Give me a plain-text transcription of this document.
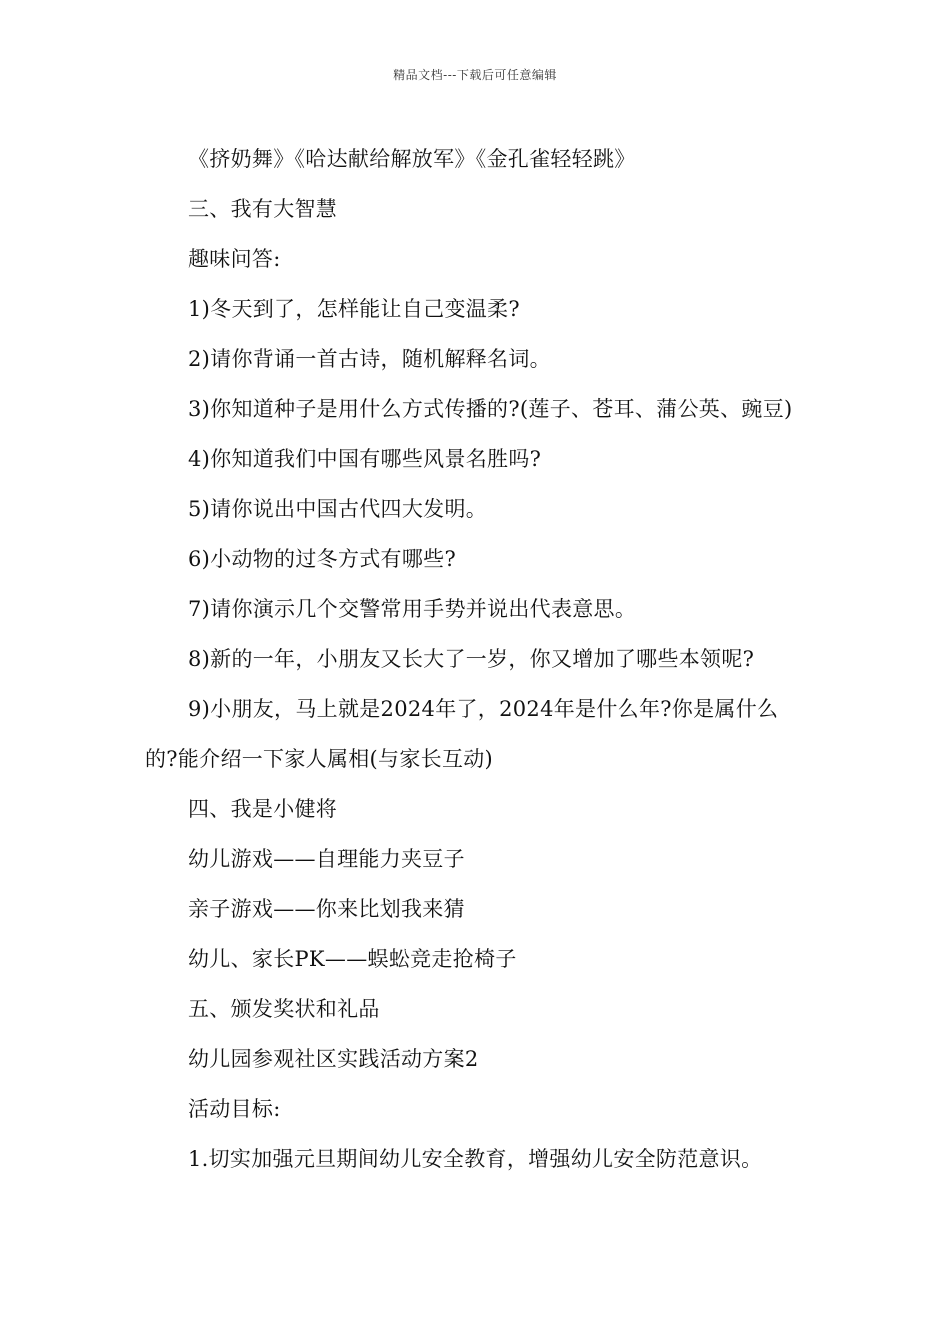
精品文档---下载后可任意编辑

《挤奶舞》《哈达献给解放军》《金孔雀轻轻跳》

三、我有大智慧

趣味问答:

1)冬天到了，怎样能让自己变温柔?

2)请你背诵一首古诗，随机解释名词。

3)你知道种子是用什么方式传播的?(莲子、苍耳、蒲公英、豌豆)

4)你知道我们中国有哪些风景名胜吗?

5)请你说出中国古代四大发明。

6)小动物的过冬方式有哪些?

7)请你演示几个交警常用手势并说出代表意思。

8)新的一年，小朋友又长大了一岁，你又增加了哪些本领呢?

9)小朋友，马上就是2024年了，2024年是什么年?你是属什么的?能介绍一下家人属相(与家长互动)

四、我是小健将

幼儿游戏——自理能力夹豆子

亲子游戏——你来比划我来猜

幼儿、家长PK——蜈蚣竞走抢椅子

五、颁发奖状和礼品

幼儿园参观社区实践活动方案2

活动目标:

1.切实加强元旦期间幼儿安全教育，增强幼儿安全防范意识。
